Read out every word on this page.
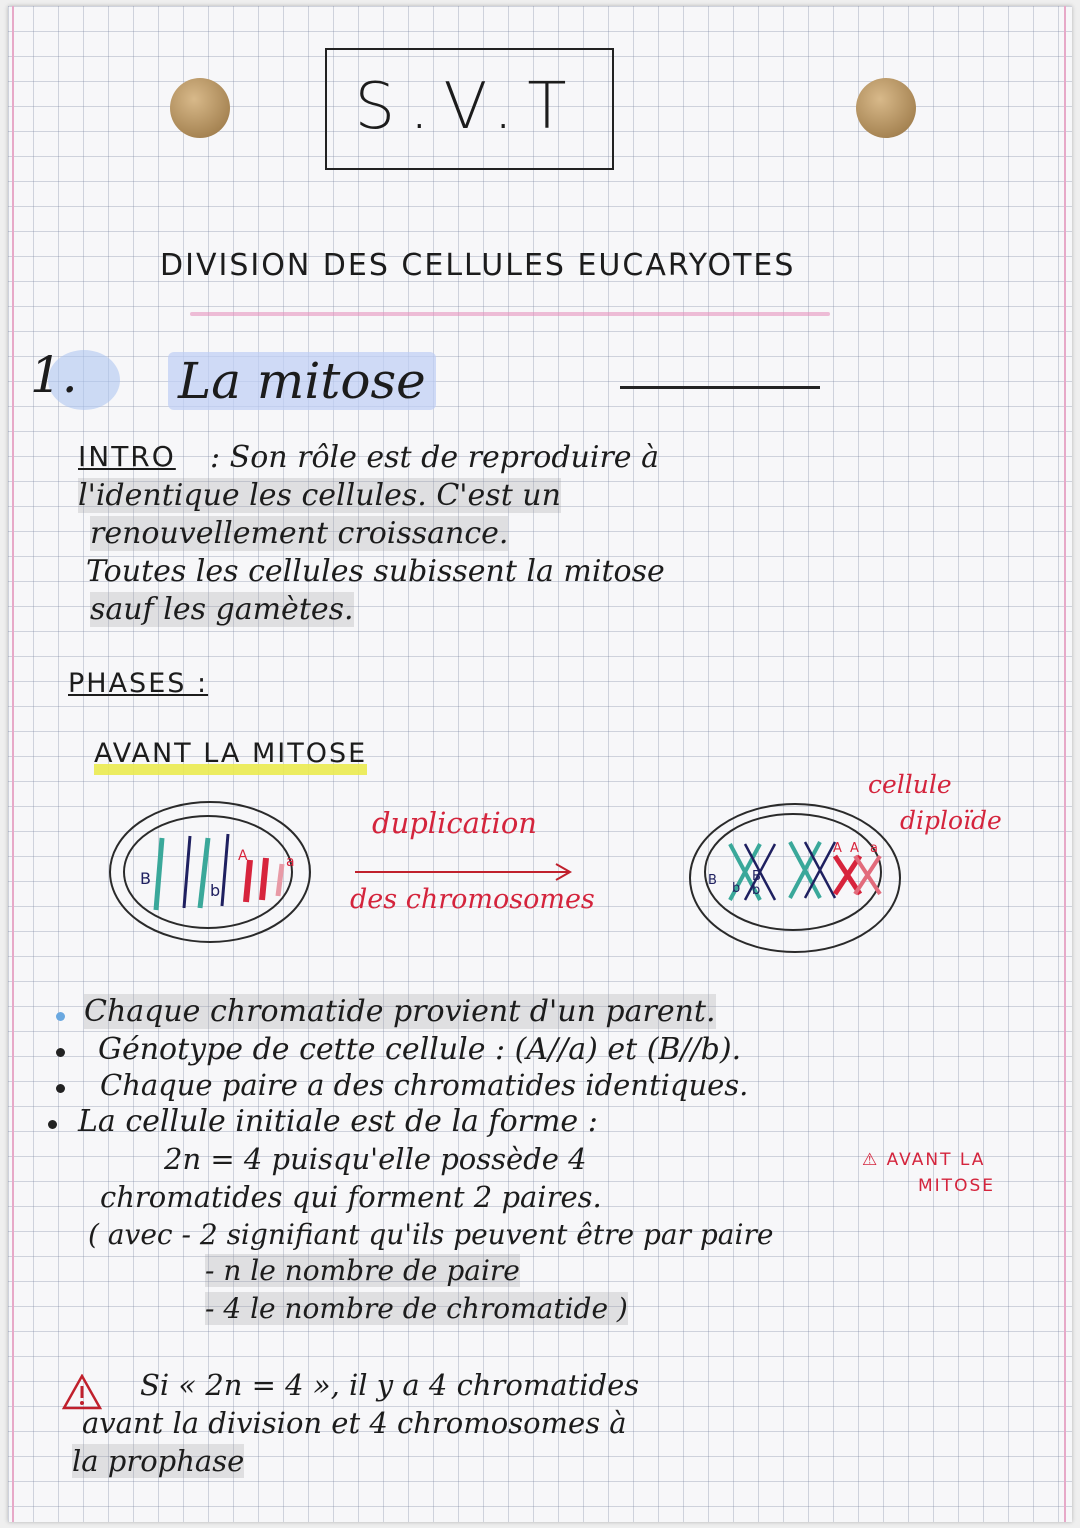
S.V.T
DIVISION DES CELLULES EUCARYOTES
1. La mitose
INTRO : Son rôle est de reproduire à
l'identique les cellules. C'est un
renouvellement croissance.
Toutes les cellules subissent la mitose
sauf les gamètes.
PHASES :
AVANT LA MITOSE
B
b
A	a
B
b
B
b
A A a
duplication
des chromosomes
cellule
diploïde
Chaque chromatide provient d'un parent.
Génotype de cette cellule : (A//a) et (B//b).
Chaque paire a des chromatides identiques.
La cellule initiale est de la forme :
2n = 4 puisqu'elle possède 4	⚠ AVANT LA
MITOSE
chromatides qui forment 2 paires.
( avec - 2 signifiant qu'ils peuvent être par paire
- n le nombre de paire
- 4 le nombre de chromatide )
Si « 2n = 4 », il y a 4 chromatides
avant la division et 4 chromosomes à
la prophase
